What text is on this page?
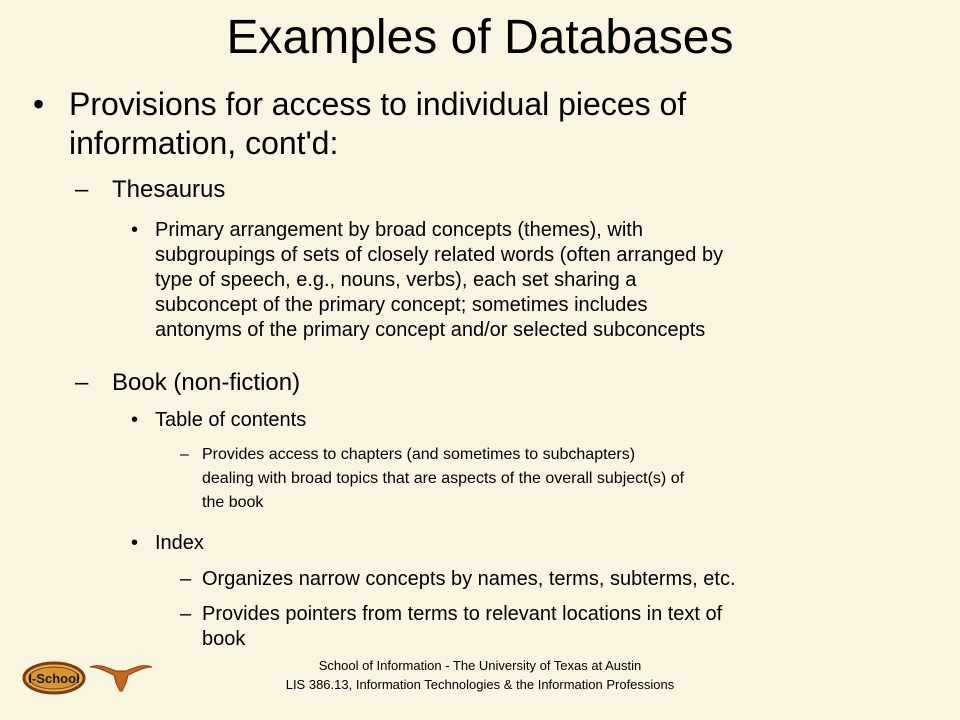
Examples of Databases
• Provisions for access to individual pieces of
information, cont'd:
– Thesaurus
• Primary arrangement by broad concepts (themes), with
subgroupings of sets of closely related words (often arranged by
type of speech, e.g., nouns, verbs), each set sharing a
subconcept of the primary concept; sometimes includes
antonyms of the primary concept and/or selected subconcepts
– Book (non-fiction)
• Table of contents
– Provides access to chapters (and sometimes to subchapters)
dealing with broad topics that are aspects of the overall subject(s) of
the book
• Index
– Organizes narrow concepts by names, terms, subterms, etc.
– Provides pointers from terms to relevant locations in text of
book
I-School
School of Information - The University of Texas at Austin
LIS 386.13, Information Technologies & the Information Professions
